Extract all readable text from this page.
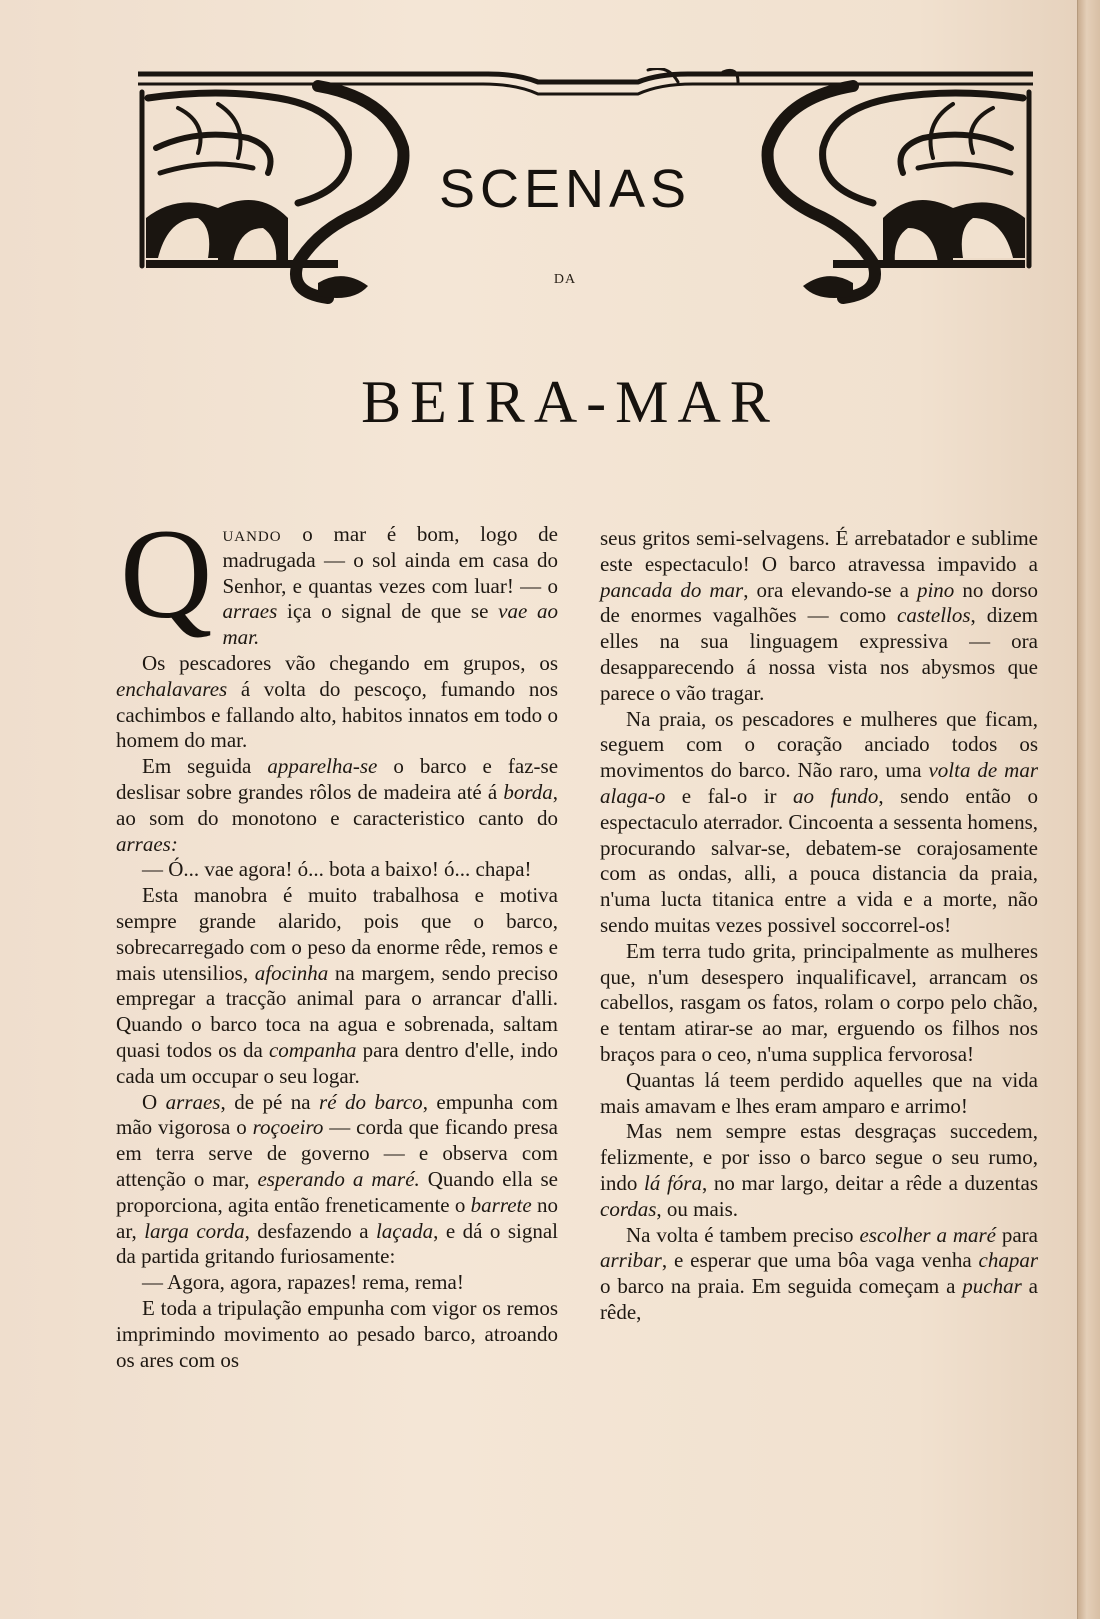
SCENAS
DA
BEIRA-MAR

Quando o mar é bom, logo de madrugada — o sol ainda em casa do Senhor, e quantas vezes com luar! — o arraes iça o signal de que se vae ao mar.

Os pescadores vão chegando em grupos, os enchalavares á volta do pescoço, fumando nos cachimbos e fallando alto, habitos innatos em todo o homem do mar.

Em seguida apparelha-se o barco e faz-se deslisar sobre grandes rôlos de madeira até á borda, ao som do monotono e caracteristico canto do arraes:

— Ó... vae agora! ó... bota a baixo! ó... chapa!

Esta manobra é muito trabalhosa e motiva sempre grande alarido, pois que o barco, sobrecarregado com o peso da enorme rêde, remos e mais utensilios, afocinha na margem, sendo preciso empregar a tracção animal para o arrancar d'alli. Quando o barco toca na agua e sobrenada, saltam quasi todos os da companha para dentro d'elle, indo cada um occupar o seu logar.

O arraes, de pé na ré do barco, empunha com mão vigorosa o roçoeiro — corda que ficando presa em terra serve de governo — e observa com attenção o mar, esperando a maré. Quando ella se proporciona, agita então freneticamente o barrete no ar, larga corda, desfazendo a laçada, e dá o signal da partida gritando furiosamente:

— Agora, agora, rapazes! rema, rema!

E toda a tripulação empunha com vigor os remos imprimindo movimento ao pesado barco, atroando os ares com os

seus gritos semi-selvagens. É arrebatador e sublime este espectaculo! O barco atravessa impavido a pancada do mar, ora elevando-se a pino no dorso de enormes vagalhões — como castellos, dizem elles na sua linguagem expressiva — ora desapparecendo á nossa vista nos abysmos que parece o vão tragar.

Na praia, os pescadores e mulheres que ficam, seguem com o coração anciado todos os movimentos do barco. Não raro, uma volta de mar alaga-o e fal-o ir ao fundo, sendo então o espectaculo aterrador. Cincoenta a sessenta homens, procurando salvar-se, debatem-se corajosamente com as ondas, alli, a pouca distancia da praia, n'uma lucta titanica entre a vida e a morte, não sendo muitas vezes possivel soccorrel-os!

Em terra tudo grita, principalmente as mulheres que, n'um desespero inqualificavel, arrancam os cabellos, rasgam os fatos, rolam o corpo pelo chão, e tentam atirar-se ao mar, erguendo os filhos nos braços para o ceo, n'uma supplica fervorosa!

Quantas lá teem perdido aquelles que na vida mais amavam e lhes eram amparo e arrimo!

Mas nem sempre estas desgraças succedem, felizmente, e por isso o barco segue o seu rumo, indo lá fóra, no mar largo, deitar a rêde a duzentas cordas, ou mais.

Na volta é tambem preciso escolher a maré para arribar, e esperar que uma bôa vaga venha chapar o barco na praia. Em seguida começam a puchar a rêde,
